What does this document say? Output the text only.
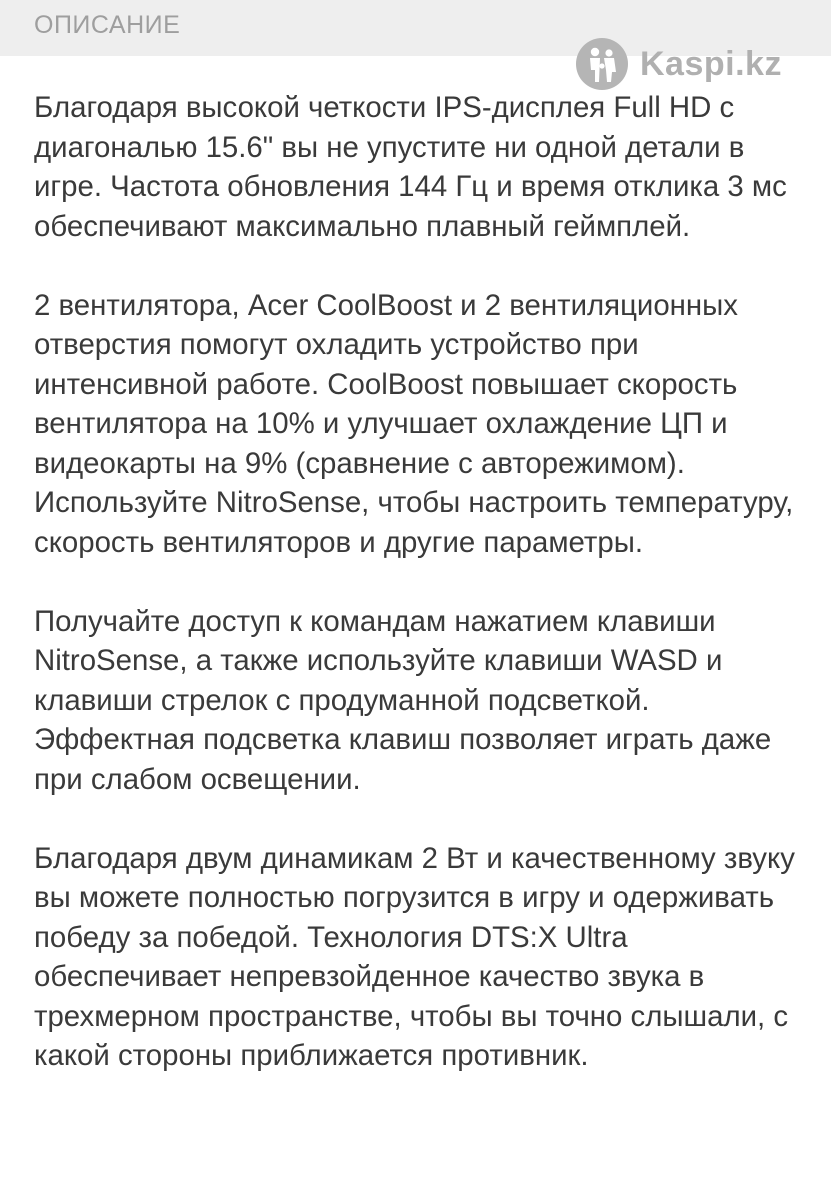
ОПИСАНИЕ
Kaspi.kz

Благодаря высокой четкости IPS-дисплея Full HD с диагональю 15.6" вы не упустите ни одной детали в игре. Частота обновления 144 Гц и время отклика 3 мс обеспечивают максимально плавный геймплей.

2 вентилятора, Acer CoolBoost и 2 вентиляционных отверстия помогут охладить устройство при интенсивной работе. CoolBoost повышает скорость вентилятора на 10% и улучшает охлаждение ЦП и видеокарты на 9% (сравнение с авторежимом). Используйте NitroSense, чтобы настроить температуру, скорость вентиляторов и другие параметры.

Получайте доступ к командам нажатием клавиши NitroSense, а также используйте клавиши WASD и клавиши стрелок с продуманной подсветкой. Эффектная подсветка клавиш позволяет играть даже при слабом освещении.

Благодаря двум динамикам 2 Вт и качественному звуку вы можете полностью погрузится в игру и одерживать победу за победой. Технология DTS:X Ultra обеспечивает непревзойденное качество звука в трехмерном пространстве, чтобы вы точно слышали, с какой стороны приближается противник.
